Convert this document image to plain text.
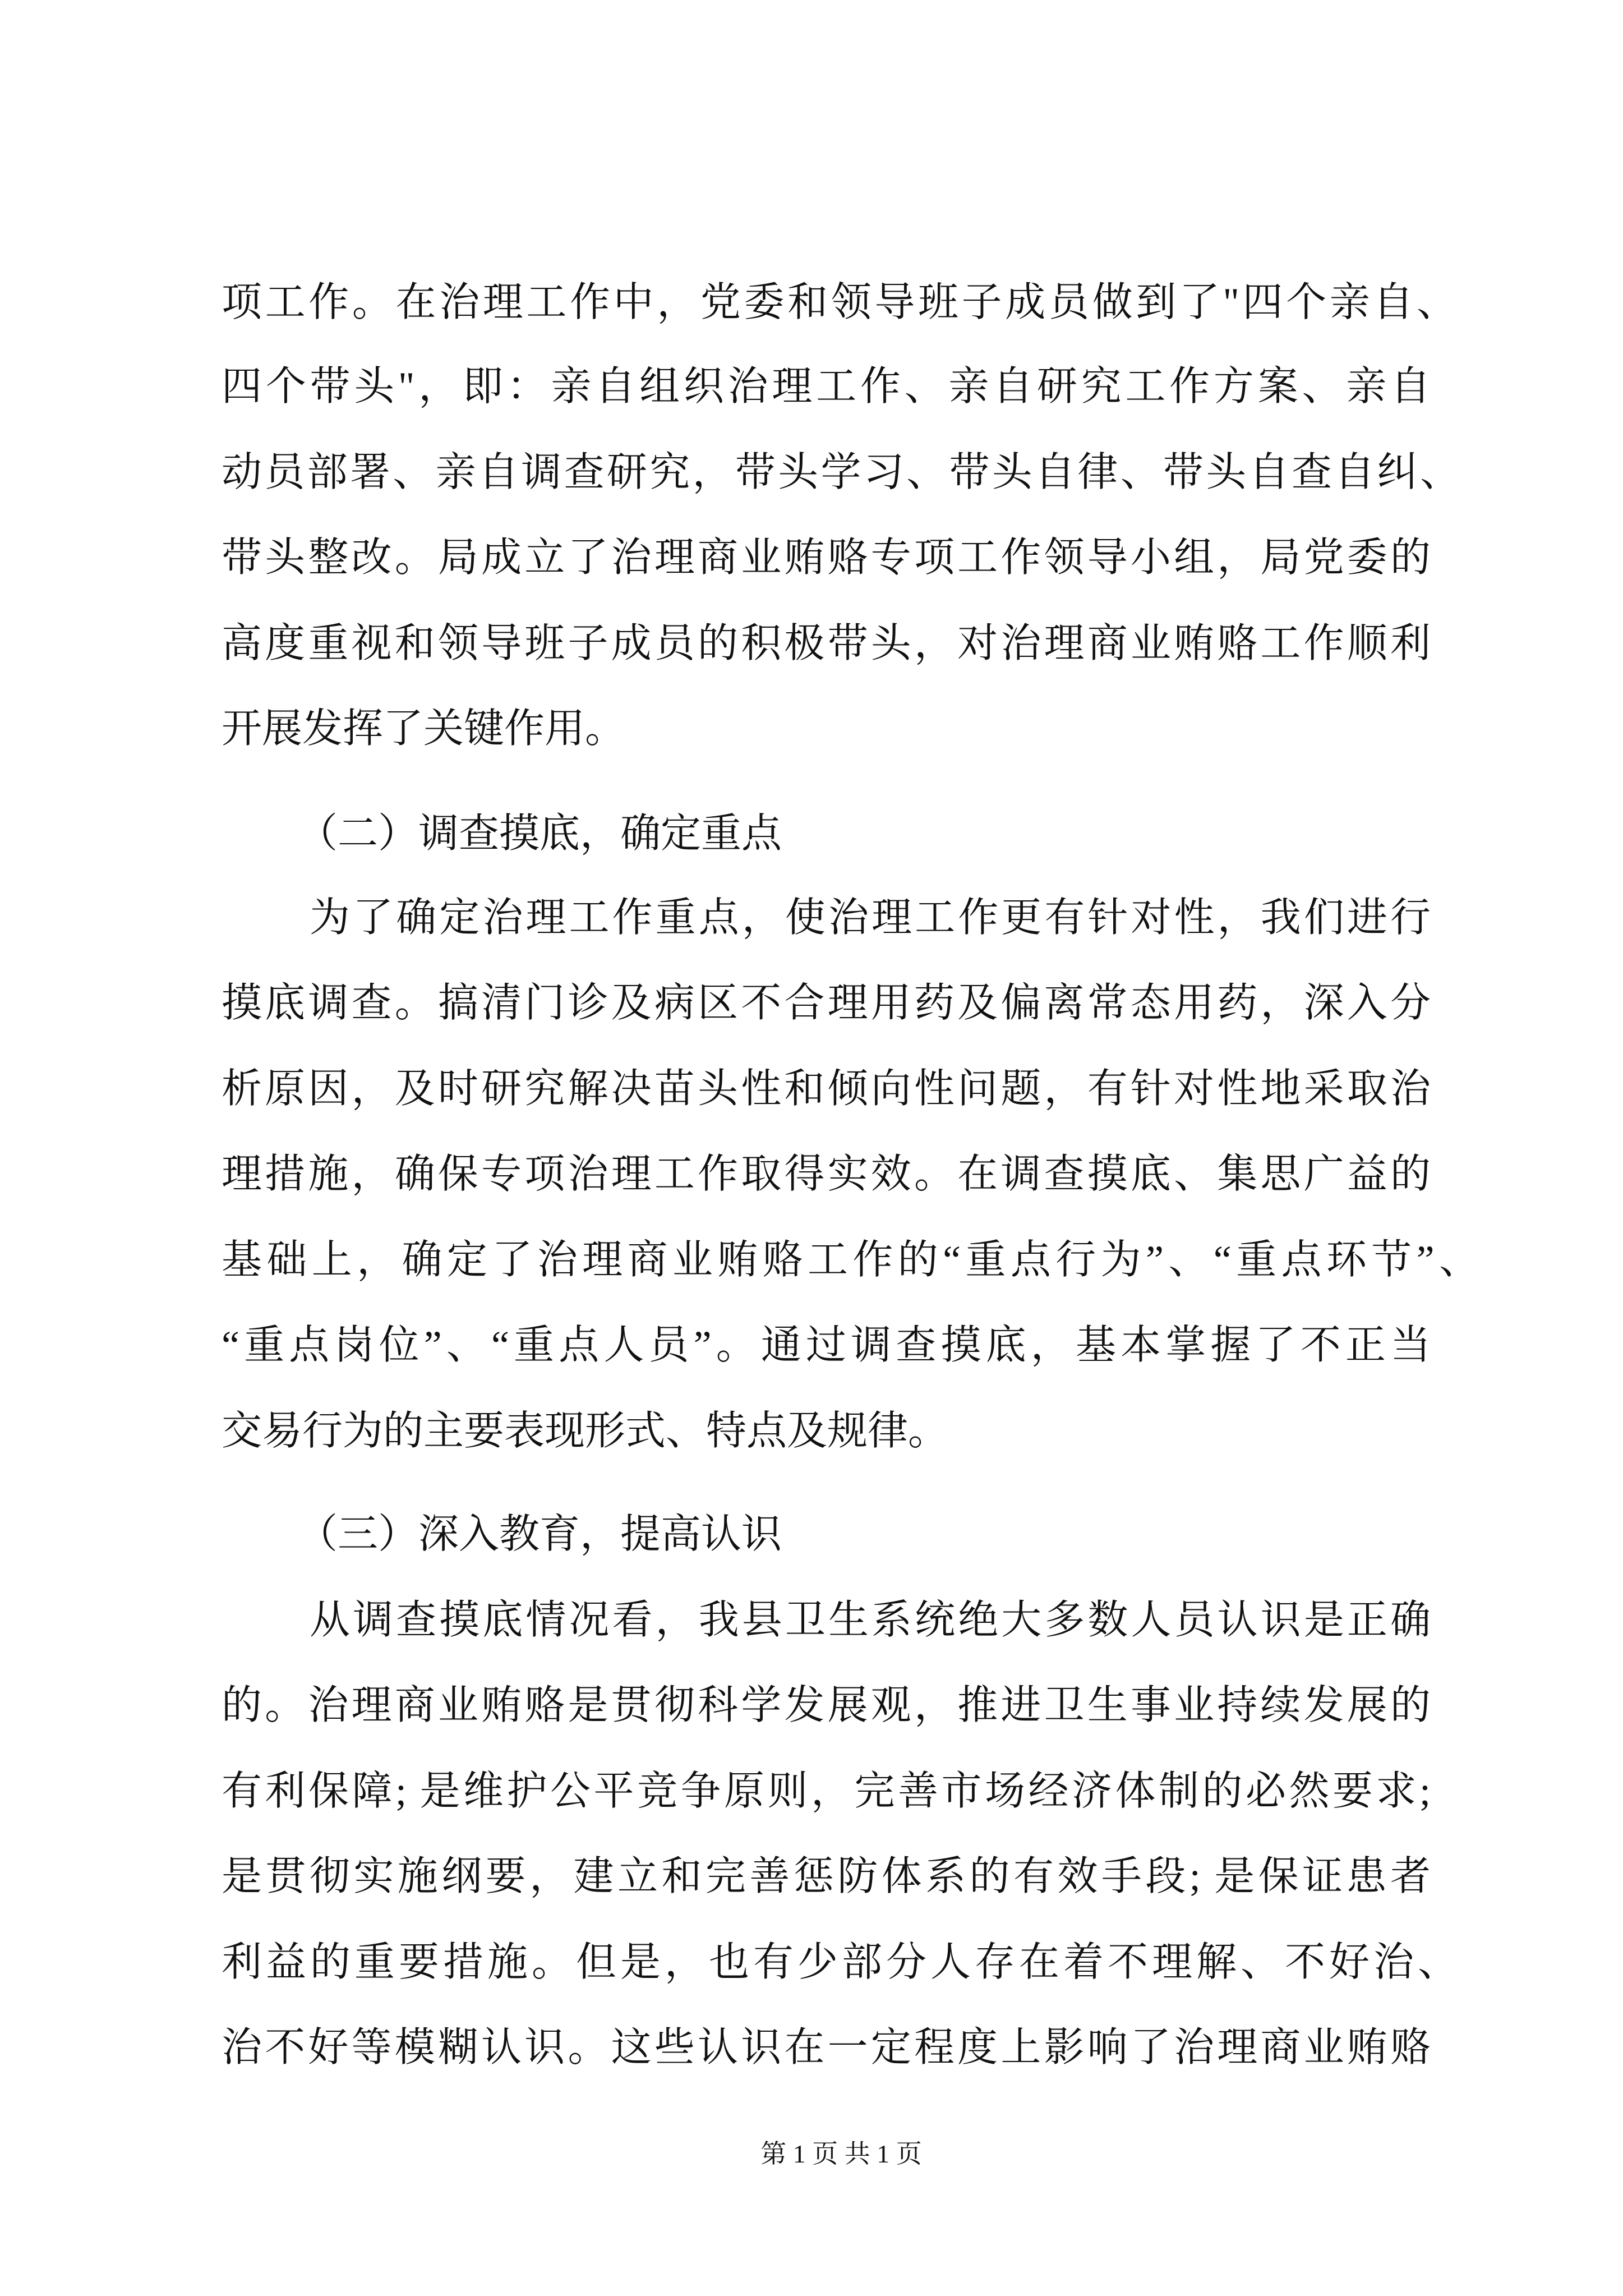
项工作。在治理工作中，党委和领导班子成员做到了"四个亲自、
四个带头"，即：亲自组织治理工作、亲自研究工作方案、亲自
动员部署、亲自调查研究，带头学习、带头自律、带头自查自纠、
带头整改。局成立了治理商业贿赂专项工作领导小组，局党委的
高度重视和领导班子成员的积极带头，对治理商业贿赂工作顺利
开展发挥了关键作用。
（二）调查摸底，确定重点
为了确定治理工作重点，使治理工作更有针对性，我们进行
摸底调查。搞清门诊及病区不合理用药及偏离常态用药，深入分
析原因，及时研究解决苗头性和倾向性问题，有针对性地采取治
理措施，确保专项治理工作取得实效。在调查摸底、集思广益的
基础上，确定了治理商业贿赂工作的“重点行为”、“重点环节”、
“重点岗位”、“重点人员”。通过调查摸底，基本掌握了不正当
交易行为的主要表现形式、特点及规律。
（三）深入教育，提高认识
从调查摸底情况看，我县卫生系统绝大多数人员认识是正确
的。治理商业贿赂是贯彻科学发展观，推进卫生事业持续发展的
有利保障; 是维护公平竞争原则，完善市场经济体制的必然要求;
是贯彻实施纲要，建立和完善惩防体系的有效手段; 是保证患者
利益的重要措施。但是，也有少部分人存在着不理解、不好治、
治不好等模糊认识。这些认识在一定程度上影响了治理商业贿赂
第 1 页 共 1 页
